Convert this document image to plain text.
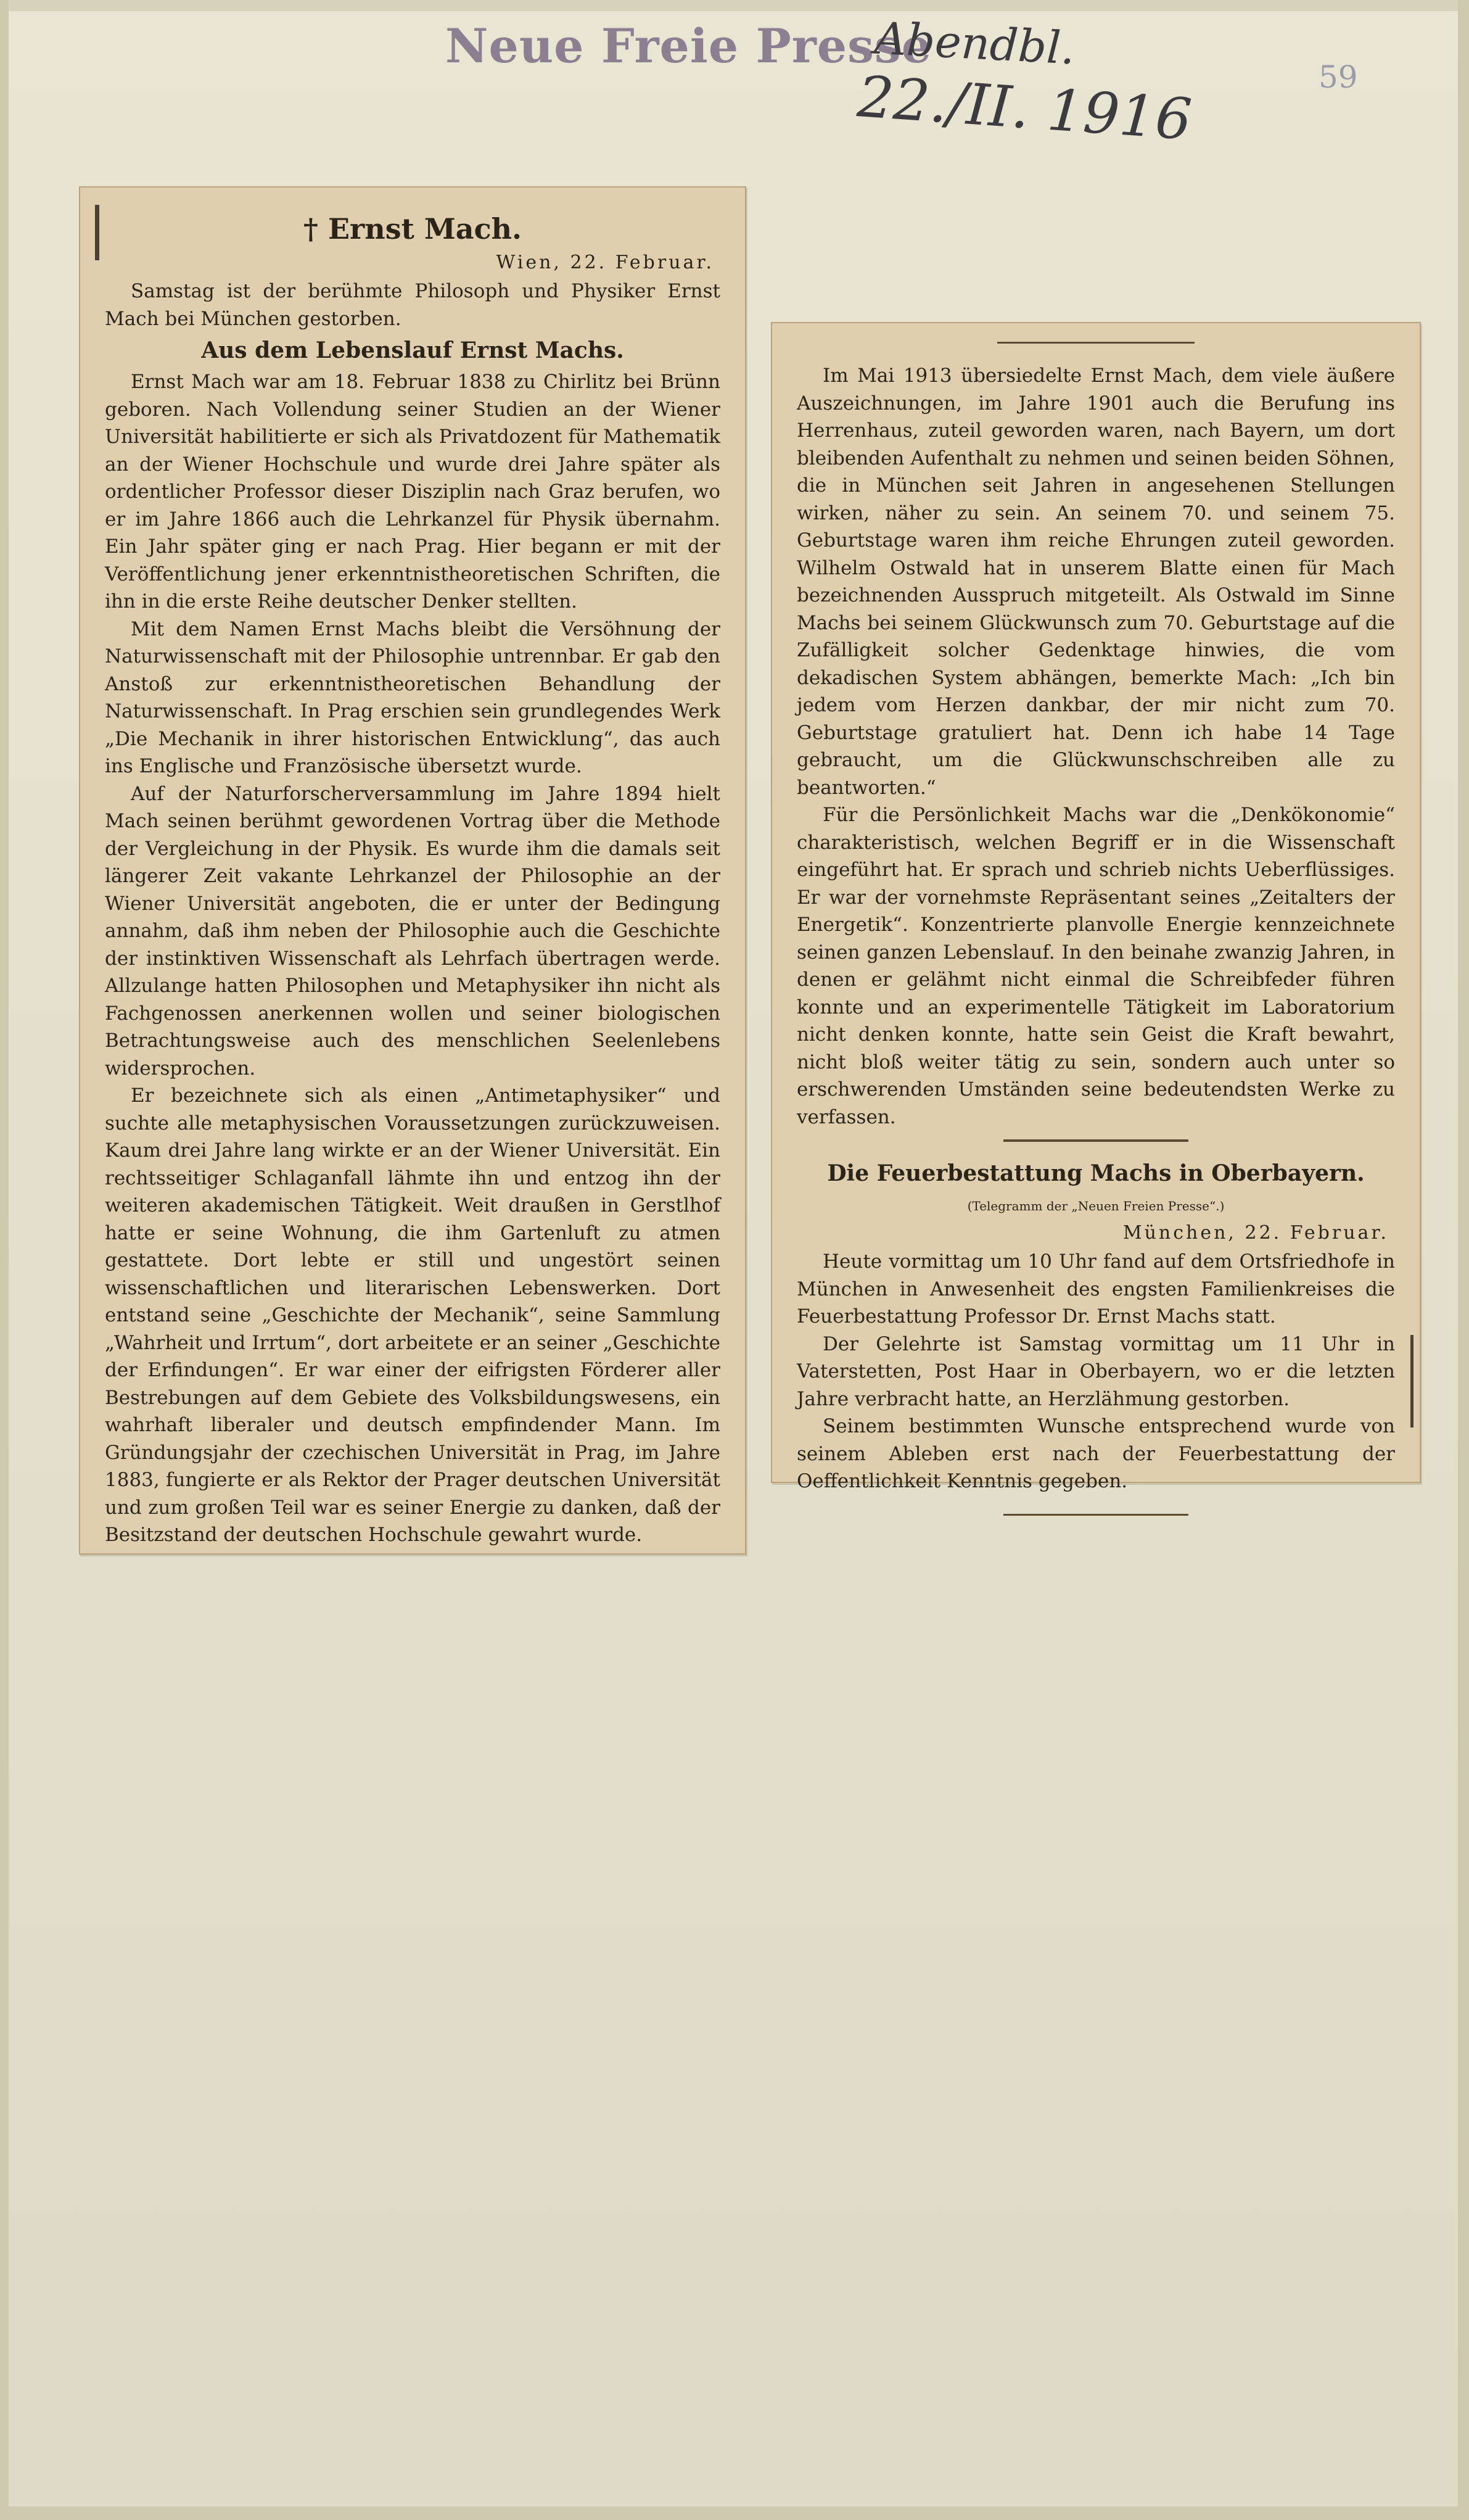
Neue Freie Presse
Abendbl.
22./II. 1916	59
† Ernst Mach.
Wien, 22. Februar.

Samstag ist der berühmte Philosoph und Physiker Ernst Mach bei München gestorben.

Aus dem Lebenslauf Ernst Machs.

Ernst Mach war am 18. Februar 1838 zu Chirlitz bei Brünn geboren. Nach Vollendung seiner Studien an der Wiener Universität habilitierte er sich als Privatdozent für Mathematik an der Wiener Hochschule und wurde drei Jahre später als ordentlicher Professor dieser Disziplin nach Graz berufen, wo er im Jahre 1866 auch die Lehrkanzel für Physik übernahm. Ein Jahr später ging er nach Prag. Hier begann er mit der Veröffentlichung jener erkenntnistheoretischen Schriften, die ihn in die erste Reihe deutscher Denker stellten.

Mit dem Namen Ernst Machs bleibt die Versöhnung der Naturwissenschaft mit der Philosophie untrennbar. Er gab den Anstoß zur erkenntnistheoretischen Behandlung der Naturwissenschaft. In Prag erschien sein grundlegendes Werk „Die Mechanik in ihrer historischen Entwicklung“, das auch ins Englische und Französische übersetzt wurde.

Auf der Naturforscherversammlung im Jahre 1894 hielt Mach seinen berühmt gewordenen Vortrag über die Methode der Vergleichung in der Physik. Es wurde ihm die damals seit längerer Zeit vakante Lehrkanzel der Philosophie an der Wiener Universität angeboten, die er unter der Bedingung annahm, daß ihm neben der Philosophie auch die Geschichte der instinktiven Wissenschaft als Lehrfach übertragen werde. Allzulange hatten Philosophen und Metaphysiker ihn nicht als Fachgenossen anerkennen wollen und seiner biologischen Betrachtungsweise auch des menschlichen Seelenlebens widersprochen.

Er bezeichnete sich als einen „Antimetaphysiker“ und suchte alle metaphysischen Voraussetzungen zurückzuweisen. Kaum drei Jahre lang wirkte er an der Wiener Universität. Ein rechtsseitiger Schlaganfall lähmte ihn und entzog ihn der weiteren akademischen Tätigkeit. Weit draußen in Gerstlhof hatte er seine Wohnung, die ihm Gartenluft zu atmen gestattete. Dort lebte er still und ungestört seinen wissenschaftlichen und literarischen Lebenswerken. Dort entstand seine „Geschichte der Mechanik“, seine Sammlung „Wahrheit und Irrtum“, dort arbeitete er an seiner „Geschichte der Erfindungen“. Er war einer der eifrigsten Förderer aller Bestrebungen auf dem Gebiete des Volksbildungswesens, ein wahrhaft liberaler und deutsch empfindender Mann. Im Gründungsjahr der czechischen Universität in Prag, im Jahre 1883, fungierte er als Rektor der Prager deutschen Universität und zum großen Teil war es seiner Energie zu danken, daß der Besitzstand der deutschen Hochschule gewahrt wurde.

Im Mai 1913 übersiedelte Ernst Mach, dem viele äußere Auszeichnungen, im Jahre 1901 auch die Berufung ins Herrenhaus, zuteil geworden waren, nach Bayern, um dort bleibenden Aufenthalt zu nehmen und seinen beiden Söhnen, die in München seit Jahren in angesehenen Stellungen wirken, näher zu sein. An seinem 70. und seinem 75. Geburtstage waren ihm reiche Ehrungen zuteil geworden. Wilhelm Ostwald hat in unserem Blatte einen für Mach bezeichnenden Ausspruch mitgeteilt. Als Ostwald im Sinne Machs bei seinem Glückwunsch zum 70. Geburtstage auf die Zufälligkeit solcher Gedenktage hinwies, die vom dekadischen System abhängen, bemerkte Mach: „Ich bin jedem vom Herzen dankbar, der mir nicht zum 70. Geburtstage gratuliert hat. Denn ich habe 14 Tage gebraucht, um die Glückwunschschreiben alle zu beantworten.“

Für die Persönlichkeit Machs war die „Denkökonomie“ charakteristisch, welchen Begriff er in die Wissenschaft eingeführt hat. Er sprach und schrieb nichts Ueberflüssiges. Er war der vornehmste Repräsentant seines „Zeitalters der Energetik“. Konzentrierte planvolle Energie kennzeichnete seinen ganzen Lebenslauf. In den beinahe zwanzig Jahren, in denen er gelähmt nicht einmal die Schreibfeder führen konnte und an experimentelle Tätigkeit im Laboratorium nicht denken konnte, hatte sein Geist die Kraft bewahrt, nicht bloß weiter tätig zu sein, sondern auch unter so erschwerenden Umständen seine bedeutendsten Werke zu verfassen.

Die Feuerbestattung Machs in Oberbayern.
(Telegramm der „Neuen Freien Presse“.)
München, 22. Februar.

Heute vormittag um 10 Uhr fand auf dem Ortsfriedhofe in München in Anwesenheit des engsten Familienkreises die Feuerbestattung Professor Dr. Ernst Machs statt.

Der Gelehrte ist Samstag vormittag um 11 Uhr in Vaterstetten, Post Haar in Oberbayern, wo er die letzten Jahre verbracht hatte, an Herzlähmung gestorben.

Seinem bestimmten Wunsche entsprechend wurde von seinem Ableben erst nach der Feuerbestattung der Oeffentlichkeit Kenntnis gegeben.
